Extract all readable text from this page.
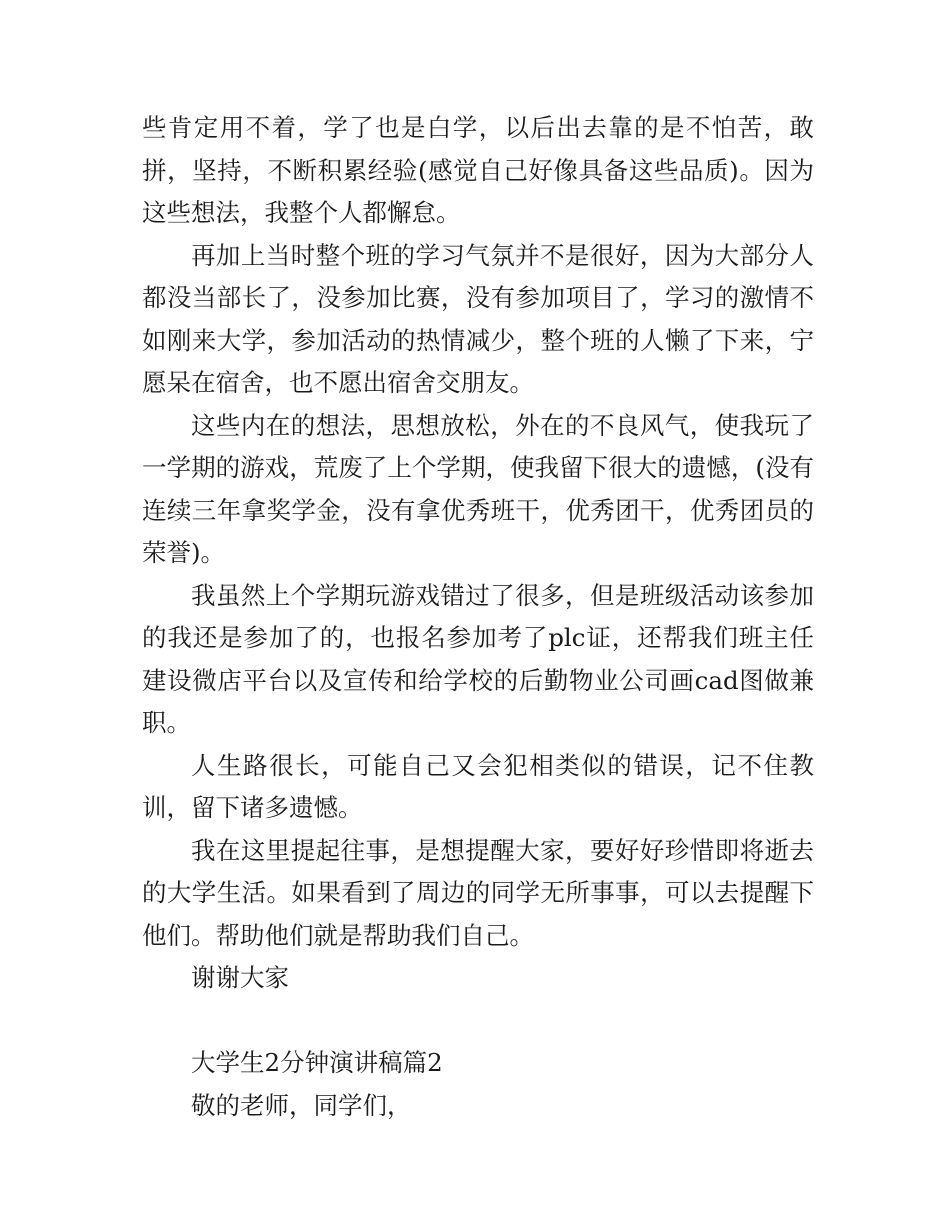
些肯定用不着，学了也是白学，以后出去靠的是不怕苦，敢拼，坚持，不断积累经验(感觉自己好像具备这些品质)。因为这些想法，我整个人都懈怠。

再加上当时整个班的学习气氛并不是很好，因为大部分人都没当部长了，没参加比赛，没有参加项目了，学习的激情不如刚来大学，参加活动的热情减少，整个班的人懒了下来，宁愿呆在宿舍，也不愿出宿舍交朋友。

这些内在的想法，思想放松，外在的不良风气，使我玩了一学期的游戏，荒废了上个学期，使我留下很大的遗憾，(没有连续三年拿奖学金，没有拿优秀班干，优秀团干，优秀团员的荣誉)。

我虽然上个学期玩游戏错过了很多，但是班级活动该参加的我还是参加了的，也报名参加考了plc证，还帮我们班主任建设微店平台以及宣传和给学校的后勤物业公司画cad图做兼职。

人生路很长，可能自己又会犯相类似的错误，记不住教训，留下诸多遗憾。

我在这里提起往事，是想提醒大家，要好好珍惜即将逝去的大学生活。如果看到了周边的同学无所事事，可以去提醒下他们。帮助他们就是帮助我们自己。

谢谢大家

大学生2分钟演讲稿篇2

敬的老师，同学们，
